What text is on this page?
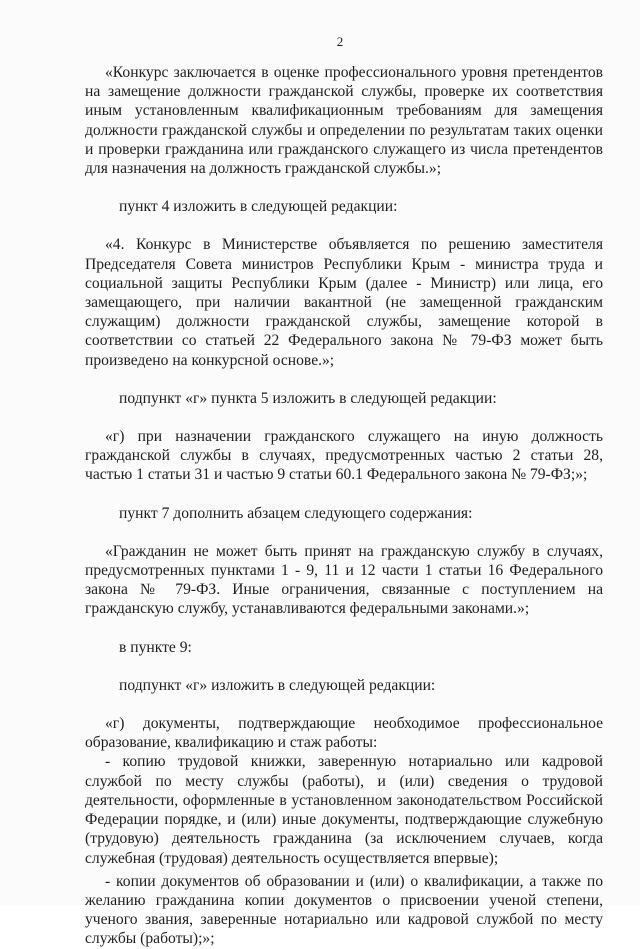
2

«Конкурс заключается в оценке профессионального уровня претендентов на замещение должности гражданской службы, проверке их соответствия иным установленным квалификационным требованиям для замещения должности гражданской службы и определении по результатам таких оценки и проверки гражданина или гражданского служащего из числа претендентов для назначения на должность гражданской службы.»;

пункт 4 изложить в следующей редакции:

«4. Конкурс в Министерстве объявляется по решению заместителя Председателя Совета министров Республики Крым - министра труда и социальной защиты Республики Крым (далее - Министр) или лица, его замещающего, при наличии вакантной (не замещенной гражданским служащим) должности гражданской службы, замещение которой в соответствии со статьей 22 Федерального закона № 79-ФЗ может быть произведено на конкурсной основе.»;

подпункт «г» пункта 5 изложить в следующей редакции:

«г) при назначении гражданского служащего на иную должность гражданской службы в случаях, предусмотренных частью 2 статьи 28, частью 1 статьи 31 и частью 9 статьи 60.1 Федерального закона № 79-ФЗ;»;

пункт 7 дополнить абзацем следующего содержания:

«Гражданин не может быть принят на гражданскую службу в случаях, предусмотренных пунктами 1 - 9, 11 и 12 части 1 статьи 16 Федерального закона № 79-ФЗ. Иные ограничения, связанные с поступлением на гражданскую службу, устанавливаются федеральными законами.»;

в пункте 9:

подпункт «г» изложить в следующей редакции:

«г) документы, подтверждающие необходимое профессиональное образование, квалификацию и стаж работы:

- копию трудовой книжки, заверенную нотариально или кадровой службой по месту службы (работы), и (или) сведения о трудовой деятельности, оформленные в установленном законодательством Российской Федерации порядке, и (или) иные документы, подтверждающие служебную (трудовую) деятельность гражданина (за исключением случаев, когда служебная (трудовая) деятельность осуществляется впервые);

- копии документов об образовании и (или) о квалификации, а также по желанию гражданина копии документов о присвоении ученой степени, ученого звания, заверенные нотариально или кадровой службой по месту службы (работы);»;
